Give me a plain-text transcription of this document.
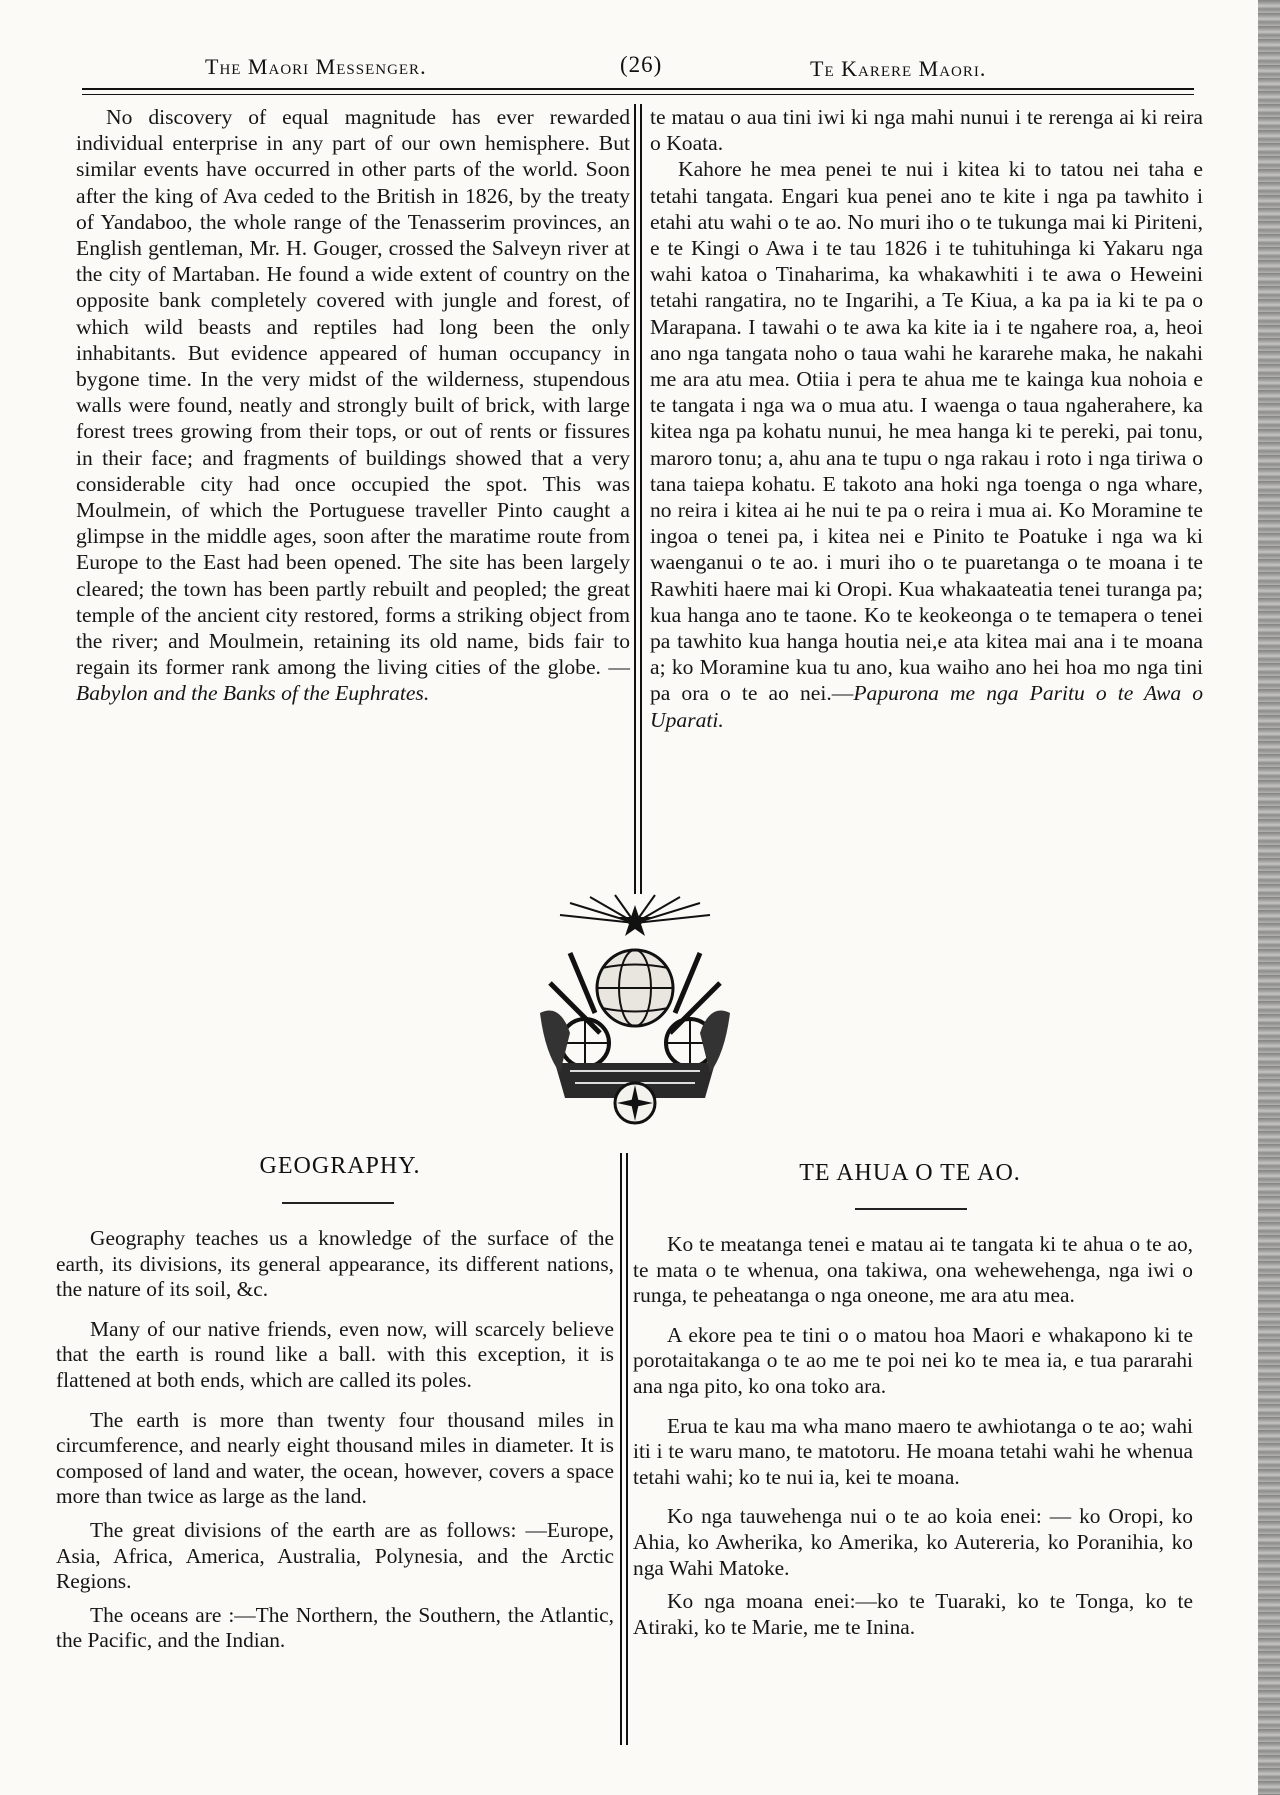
The Maori Messenger.	(26)	Te Karere Maori.

No discovery of equal magnitude has ever rewarded individual enterprise in any part of our own hemisphere. But similar events have occurred in other parts of the world. Soon after the king of Ava ceded to the British in 1826, by the treaty of Yandaboo, the whole range of the Tenasserim provinces, an English gentleman, Mr. H. Gouger, crossed the Salveyn river at the city of Martaban. He found a wide extent of country on the opposite bank completely covered with jungle and forest, of which wild beasts and reptiles had long been the only inhabitants. But evidence appeared of human occupancy in bygone time. In the very midst of the wilderness, stupendous walls were found, neatly and strongly built of brick, with large forest trees growing from their tops, or out of rents or fissures in their face; and fragments of buildings showed that a very considerable city had once occupied the spot. This was Moulmein, of which the Portuguese traveller Pinto caught a glimpse in the middle ages, soon after the maratime route from Europe to the East had been opened. The site has been largely cleared; the town has been partly rebuilt and peopled; the great temple of the ancient city restored, forms a striking object from the river; and Moulmein, retaining its old name, bids fair to regain its former rank among the living cities of the globe. — Babylon and the Banks of the Euphrates.

te matau o aua tini iwi ki nga mahi nunui i te rerenga ai ki reira o Koata.

Kahore he mea penei te nui i kitea ki to tatou nei taha e tetahi tangata. Engari kua penei ano te kite i nga pa tawhito i etahi atu wahi o te ao. No muri iho o te tukunga mai ki Piriteni, e te Kingi o Awa i te tau 1826 i te tuhituhinga ki Yakaru nga wahi katoa o Tinaharima, ka whakawhiti i te awa o Heweini tetahi rangatira, no te Ingarihi, a Te Kiua, a ka pa ia ki te pa o Marapana. I tawahi o te awa ka kite ia i te ngahere roa, a, heoi ano nga tangata noho o taua wahi he kararehe maka, he nakahi me ara atu mea. Otiia i pera te ahua me te kainga kua nohoia e te tangata i nga wa o mua atu. I waenga o taua ngaherahere, ka kitea nga pa kohatu nunui, he mea hanga ki te pereki, pai tonu, maroro tonu; a, ahu ana te tupu o nga rakau i roto i nga tiriwa o tana taiepa kohatu. E takoto ana hoki nga toenga o nga whare, no reira i kitea ai he nui te pa o reira i mua ai. Ko Moramine te ingoa o tenei pa, i kitea nei e Pinito te Poatuke i nga wa ki waenganui o te ao. i muri iho o te puaretanga o te moana i te Rawhiti haere mai ki Oropi. Kua whakaateatia tenei turanga pa; kua hanga ano te taone. Ko te keokeonga o te temapera o tenei pa tawhito kua hanga houtia nei,e ata kitea mai ana i te moana a; ko Moramine kua tu ano, kua waiho ano hei hoa mo nga tini pa ora o te ao nei.—Papurona me nga Paritu o te Awa o Uparati.

GEOGRAPHY.	TE AHUA O TE AO.

Geography teaches us a knowledge of the surface of the earth, its divisions, its general appearance, its different nations, the nature of its soil, &c.

Many of our native friends, even now, will scarcely believe that the earth is round like a ball. with this exception, it is flattened at both ends, which are called its poles.

The earth is more than twenty four thousand miles in circumference, and nearly eight thousand miles in diameter. It is composed of land and water, the ocean, however, covers a space more than twice as large as the land.

The great divisions of the earth are as follows: —Europe, Asia, Africa, America, Australia, Polynesia, and the Arctic Regions.

The oceans are :—The Northern, the Southern, the Atlantic, the Pacific, and the Indian.

Ko te meatanga tenei e matau ai te tangata ki te ahua o te ao, te mata o te whenua, ona takiwa, ona wehewehenga, nga iwi o runga, te peheatanga o nga oneone, me ara atu mea.

A ekore pea te tini o o matou hoa Maori e whakapono ki te porotaitakanga o te ao me te poi nei ko te mea ia, e tua pararahi ana nga pito, ko ona toko ara.

Erua te kau ma wha mano maero te awhiotanga o te ao; wahi iti i te waru mano, te matotoru. He moana tetahi wahi he whenua tetahi wahi; ko te nui ia, kei te moana.

Ko nga tauwehenga nui o te ao koia enei: — ko Oropi, ko Ahia, ko Awherika, ko Amerika, ko Autereria, ko Poranihia, ko nga Wahi Matoke.

Ko nga moana enei:—ko te Tuaraki, ko te Tonga, ko te Atiraki, ko te Marie, me te Inina.
